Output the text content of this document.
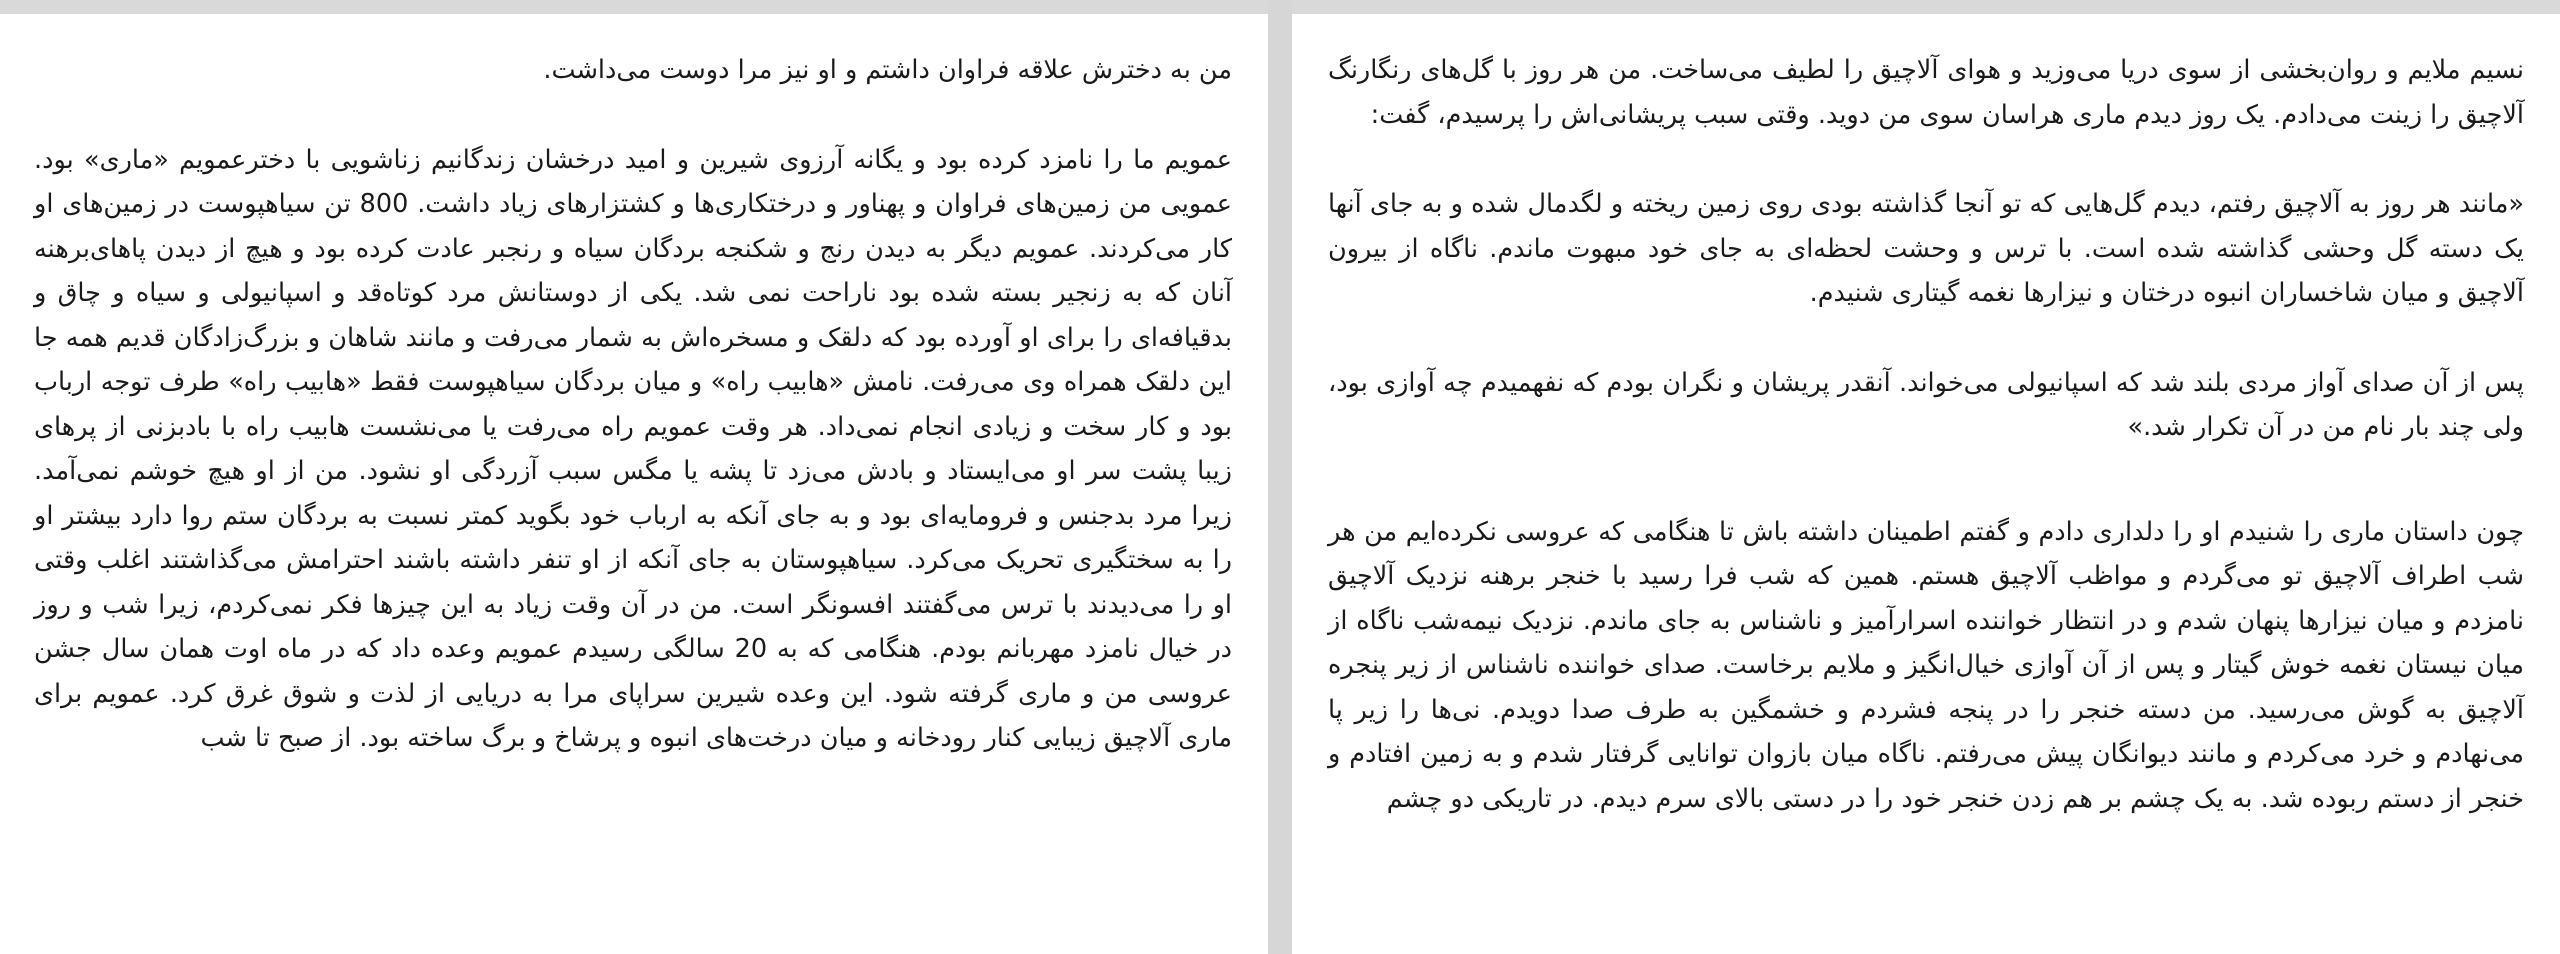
من به دخترش علاقه فراوان داشتم و او نیز مرا دوست می‌داشت.

عمویم ما را نامزد کرده بود و یگانه آرزوی شیرین و امید درخشان زندگانیم زناشویی با دخترعمویم «ماری» بود. عمویی من زمین‌های فراوان و پهناور و درختکاری‌ها و کشتزارهای زیاد داشت. 800 تن سیاهپوست در زمین‌های او کار می‌کردند. عمویم دیگر به دیدن رنج و شکنجه بردگان سیاه و رنجبر عادت کرده بود و هیچ از دیدن پاهای‌برهنه آنان که به زنجیر بسته شده بود ناراحت نمی شد. یکی از دوستانش مرد کوتاه‌قد و اسپانیولی و سیاه و چاق و بدقیافه‌ای را برای او آورده بود که دلقک و مسخره‌اش به شمار می‌رفت و مانند شاهان و بزرگ‌زادگان قدیم همه جا این دلقک همراه وی می‌رفت. نامش «هابیب راه» و میان بردگان سیاهپوست فقط «هابیب راه» طرف توجه ارباب بود و کار سخت و زیادی انجام نمی‌داد. هر وقت عمویم راه می‌رفت یا می‌نشست هابیب راه با بادبزنی از پرهای زیبا پشت سر او می‌ایستاد و بادش می‌زد تا پشه یا مگس سبب آزردگی او نشود. من از او هیچ خوشم نمی‌آمد. زیرا مرد بدجنس و فرومایه‌ای بود و به جای آنکه به ارباب خود بگوید کمتر نسبت به بردگان ستم روا دارد بیشتر او را به سختگیری تحریک می‌کرد. سیاهپوستان به جای آنکه از او تنفر داشته باشند احترامش می‌گذاشتند اغلب وقتی او را می‌دیدند با ترس می‌گفتند افسونگر است. من در آن وقت زیاد به این چیزها فکر نمی‌کردم، زیرا شب و روز در خیال نامزد مهربانم بودم. هنگامی که به 20 سالگی رسیدم عمویم وعده داد که در ماه اوت همان سال جشن عروسی من و ماری گرفته شود. این وعده شیرین سراپای مرا به دریایی از لذت و شوق غرق کرد. عمویم برای ماری آلاچیق زیبایی کنار رودخانه و میان درخت‌های انبوه و پرشاخ و برگ ساخته بود. از صبح تا شب

نسیم ملایم و روان‌بخشی از سوی دریا می‌وزید و هوای آلاچیق را لطیف می‌ساخت. من هر روز با گل‌های رنگارنگ آلاچیق را زینت می‌دادم. یک روز دیدم ماری هراسان سوی من دوید. وقتی سبب پریشانی‌اش را پرسیدم، گفت:

«مانند هر روز به آلاچیق رفتم، دیدم گل‌هایی که تو آنجا گذاشته بودی روی زمین ریخته و لگدمال شده و به جای آنها یک دسته گل وحشی گذاشته شده است. با ترس و وحشت لحظه‌ای به جای خود مبهوت ماندم. ناگاه از بیرون آلاچیق و میان شاخساران انبوه درختان و نیزارها نغمه گیتاری شنیدم.

پس از آن صدای آواز مردی بلند شد که اسپانیولی می‌خواند. آنقدر پریشان و نگران بودم که نفهمیدم چه آوازی بود، ولی چند بار نام من در آن تکرار شد.»

چون داستان ماری را شنیدم او را دلداری دادم و گفتم اطمینان داشته باش تا هنگامی که عروسی نکرده‌ایم من هر شب اطراف آلاچیق تو می‌گردم و مواظب آلاچیق هستم. همین که شب فرا رسید با خنجر برهنه نزدیک آلاچیق نامزدم و میان نیزارها پنهان شدم و در انتظار خواننده اسرارآمیز و ناشناس به جای ماندم. نزدیک نیمه‌شب ناگاه از میان نیستان نغمه خوش گیتار و پس از آن آوازی خیال‌انگیز و ملایم برخاست. صدای خواننده ناشناس از زیر پنجره آلاچیق به گوش می‌رسید. من دسته خنجر را در پنجه فشردم و خشمگین به طرف صدا دویدم. نی‌ها را زیر پا می‌نهادم و خرد می‌کردم و مانند دیوانگان پیش می‌رفتم. ناگاه میان بازوان توانایی گرفتار شدم و به زمین افتادم و خنجر از دستم ربوده شد. به یک چشم بر هم زدن خنجر خود را در دستی بالای سرم دیدم. در تاریکی دو چشم
